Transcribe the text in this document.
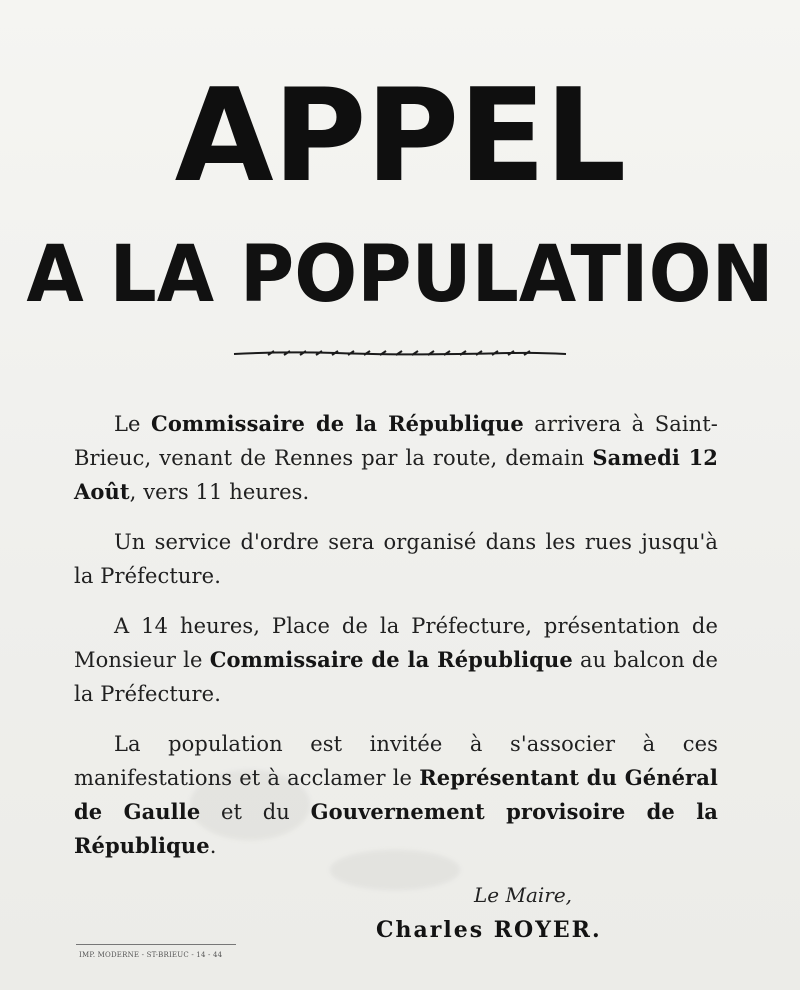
APPEL
A LA POPULATION

Le Commissaire de la République arrivera à Saint-Brieuc, venant de Rennes par la route, demain Samedi 12 Août, vers 11 heures.

Un service d'ordre sera organisé dans les rues jusqu'à la Préfecture.

A 14 heures, Place de la Préfecture, présentation de Monsieur le Commissaire de la République au balcon de la Préfecture.

La population est invitée à s'associer à ces manifestations et à acclamer le Représentant du Général de Gaulle et du Gouvernement provisoire de la République.

Le Maire,
Charles ROYER.
IMP. MODERNE - ST-BRIEUC - 14 - 44
